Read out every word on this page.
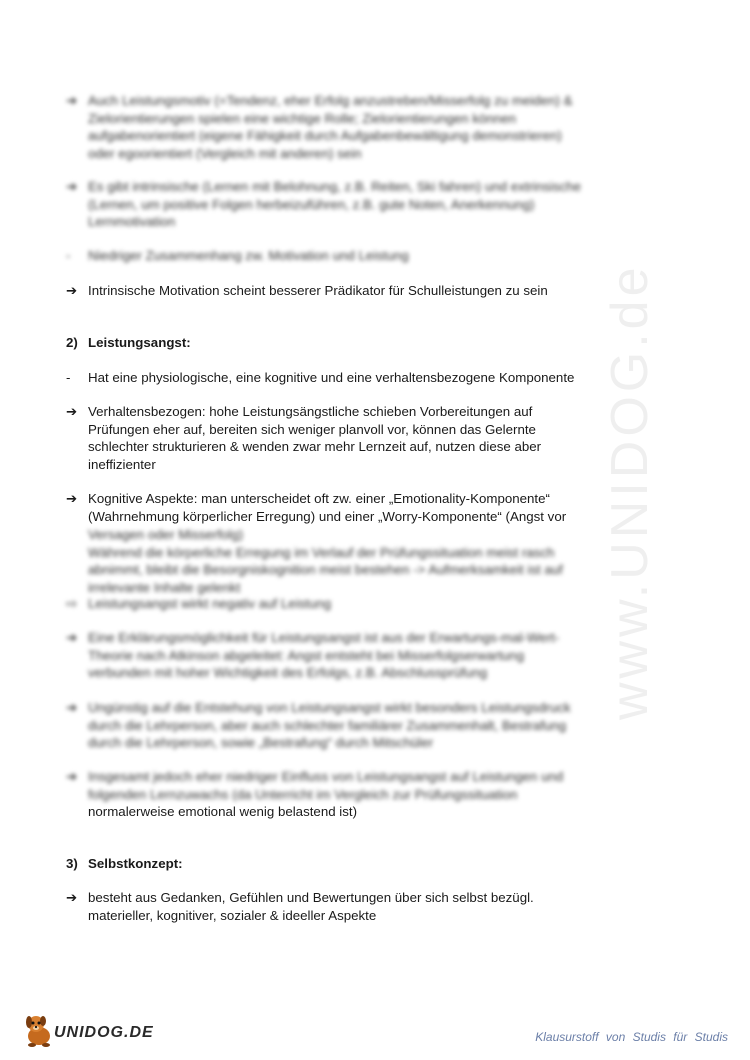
www.UNIDOG.de
➔ Auch Leistungsmotiv (=Tendenz, eher Erfolg anzustreben/Misserfolg zu meiden) &
Zielorientierungen spielen eine wichtige Rolle; Zielorientierungen können
aufgabenorientiert (eigene Fähigkeit durch Aufgabenbewältigung demonstrieren)
oder egoorientiert (Vergleich mit anderen) sein
➔ Es gibt intrinsische (Lernen mit Belohnung, z.B. Reiten, Ski fahren) und extrinsische
(Lernen, um positive Folgen herbeizuführen, z.B. gute Noten, Anerkennung)
Lernmotivation
-	Niedriger Zusammenhang zw. Motivation und Leistung
➔ Intrinsische Motivation scheint besserer Prädikator für Schulleistungen zu sein
2) Leistungsangst:
-	Hat eine physiologische, eine kognitive und eine verhaltensbezogene Komponente
➔ Verhaltensbezogen: hohe Leistungsängstliche schieben Vorbereitungen auf
Prüfungen eher auf, bereiten sich weniger planvoll vor, können das Gelernte
schlechter strukturieren & wenden zwar mehr Lernzeit auf, nutzen diese aber
ineffizienter
➔ Kognitive Aspekte: man unterscheidet oft zw. einer „Emotionality-Komponente“
(Wahrnehmung körperlicher Erregung) und einer „Worry-Komponente“ (Angst vor
Versagen oder Misserfolg)
Während die körperliche Erregung im Verlauf der Prüfungssituation meist rasch
abnimmt, bleibt die Besorgniskognition meist bestehen -> Aufmerksamkeit ist auf
irrelevante Inhalte gelenkt
⇨ Leistungsangst wirkt negativ auf Leistung
➔ Eine Erklärungsmöglichkeit für Leistungsangst ist aus der Erwartungs-mal-Wert-
Theorie nach Atkinson abgeleitet: Angst entsteht bei Misserfolgserwartung
verbunden mit hoher Wichtigkeit des Erfolgs, z.B. Abschlussprüfung
➔ Ungünstig auf die Entstehung von Leistungsangst wirkt besonders Leistungsdruck
durch die Lehrperson, aber auch schlechter familiärer Zusammenhalt, Bestrafung
durch die Lehrperson, sowie „Bestrafung“ durch Mitschüler
➔ Insgesamt jedoch eher niedriger Einfluss von Leistungsangst auf Leistungen und
folgenden Lernzuwachs (da Unterricht im Vergleich zur Prüfungssituation
normalerweise emotional wenig belastend ist)
3) Selbstkonzept:
➔ besteht aus Gedanken, Gefühlen und Bewertungen über sich selbst bezügl.
materieller, kognitiver, sozialer & ideeller Aspekte
UNIDOG.DE	Klausurstoff von Studis für Studis
